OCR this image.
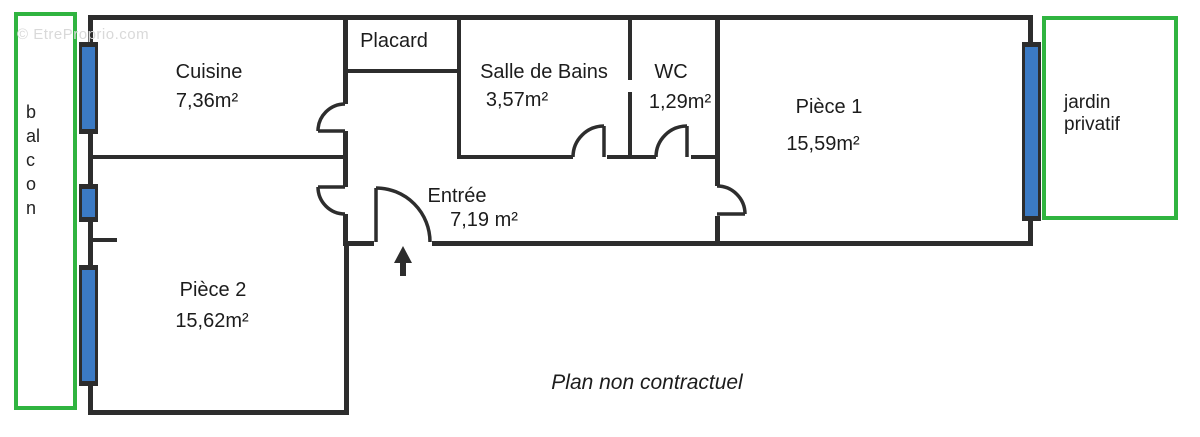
© EtreProprio.com
balcon
jardin privatif
Cuisine
7,36m²
Placard
Salle de Bains
3,57m²
WC
1,29m²	Pièce 1
15,59m²
Entrée
7,19 m²
Pièce 2
15,62m²
Plan non contractuel
